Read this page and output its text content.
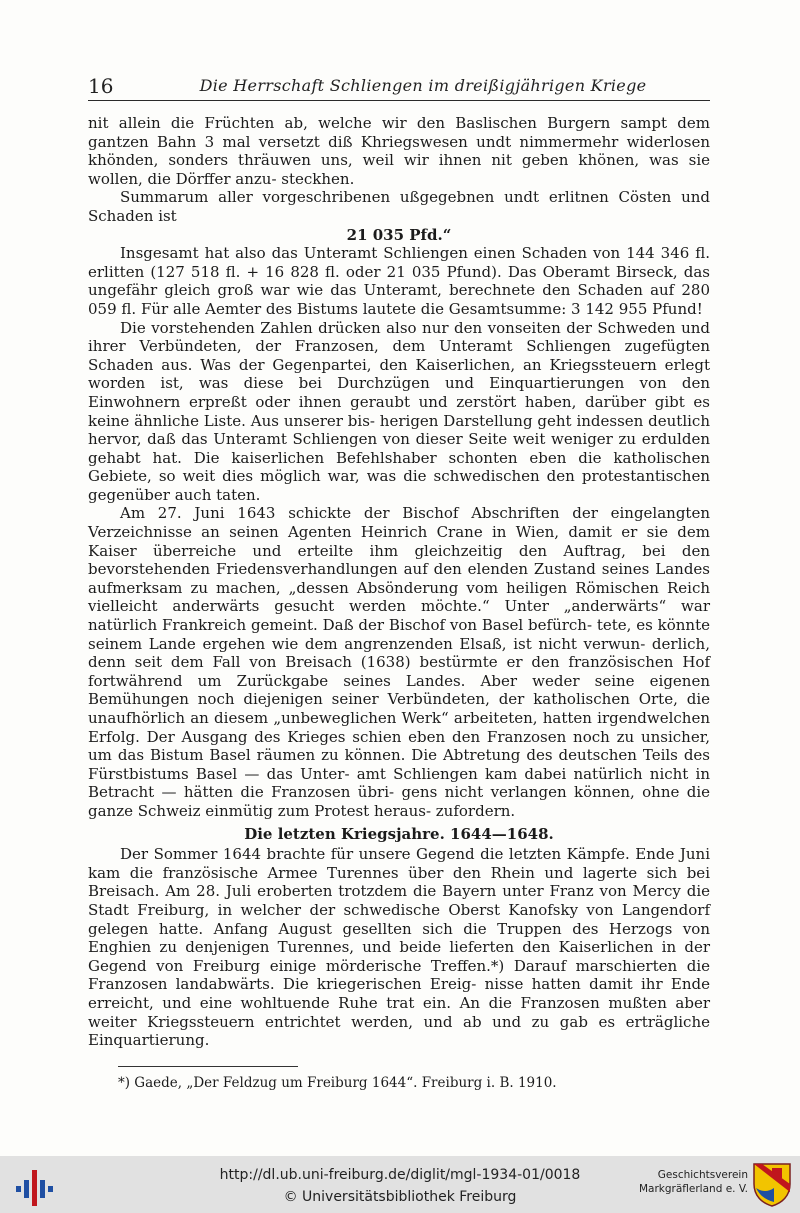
16	Die Herrschaft Schliengen im dreißigjährigen Kriege

nit allein die Früchten ab, welche wir den Baslischen Burgern sampt dem gantzen Bahn 3 mal versetzt diß Khriegswesen undt nimmermehr widerlosen khönden, sonders thräuwen uns, weil wir ihnen nit geben khönen, was sie wollen, die Dörffer anzu- steckhen.

Summarum aller vorgeschribenen ußgegebnen undt erlitnen Cösten und Schaden ist

21 035 Pfd.“

Insgesamt hat also das Unteramt Schliengen einen Schaden von 144 346 fl. erlitten (127 518 fl. + 16 828 fl. oder 21 035 Pfund). Das Oberamt Birseck, das ungefähr gleich groß war wie das Unteramt, berechnete den Schaden auf 280 059 fl. Für alle Aemter des Bistums lautete die Gesamtsumme: 3 142 955 Pfund!

Die vorstehenden Zahlen drücken also nur den vonseiten der Schweden und ihrer Verbündeten, der Franzosen, dem Unteramt Schliengen zugefügten Schaden aus. Was der Gegenpartei, den Kaiserlichen, an Kriegssteuern erlegt worden ist, was diese bei Durchzügen und Einquartierungen von den Einwohnern erpreßt oder ihnen geraubt und zerstört haben, darüber gibt es keine ähnliche Liste. Aus unserer bis- herigen Darstellung geht indessen deutlich hervor, daß das Unteramt Schliengen von dieser Seite weit weniger zu erdulden gehabt hat. Die kaiserlichen Befehlshaber schonten eben die katholischen Gebiete, so weit dies möglich war, was die schwedischen den protestantischen gegenüber auch taten.

Am 27. Juni 1643 schickte der Bischof Abschriften der eingelangten Verzeichnisse an seinen Agenten Heinrich Crane in Wien, damit er sie dem Kaiser überreiche und erteilte ihm gleichzeitig den Auftrag, bei den bevorstehenden Friedensverhandlungen auf den elenden Zustand seines Landes aufmerksam zu machen, „dessen Absönderung vom heiligen Römischen Reich vielleicht anderwärts gesucht werden möchte.“ Unter „anderwärts“ war natürlich Frankreich gemeint. Daß der Bischof von Basel befürch- tete, es könnte seinem Lande ergehen wie dem angrenzenden Elsaß, ist nicht verwun- derlich, denn seit dem Fall von Breisach (1638) bestürmte er den französischen Hof fortwährend um Zurückgabe seines Landes. Aber weder seine eigenen Bemühungen noch diejenigen seiner Verbündeten, der katholischen Orte, die unaufhörlich an diesem „unbeweglichen Werk“ arbeiteten, hatten irgendwelchen Erfolg. Der Ausgang des Krieges schien eben den Franzosen noch zu unsicher, um das Bistum Basel räumen zu können. Die Abtretung des deutschen Teils des Fürstbistums Basel — das Unter- amt Schliengen kam dabei natürlich nicht in Betracht — hätten die Franzosen übri- gens nicht verlangen können, ohne die ganze Schweiz einmütig zum Protest heraus- zufordern.

Die letzten Kriegsjahre. 1644—1648.

Der Sommer 1644 brachte für unsere Gegend die letzten Kämpfe. Ende Juni kam die französische Armee Turennes über den Rhein und lagerte sich bei Breisach. Am 28. Juli eroberten trotzdem die Bayern unter Franz von Mercy die Stadt Freiburg, in welcher der schwedische Oberst Kanofsky von Langendorf gelegen hatte. Anfang August gesellten sich die Truppen des Herzogs von Enghien zu denjenigen Turennes, und beide lieferten den Kaiserlichen in der Gegend von Freiburg einige mörderische Treffen.*) Darauf marschierten die Franzosen landabwärts. Die kriegerischen Ereig- nisse hatten damit ihr Ende erreicht, und eine wohltuende Ruhe trat ein. An die Franzosen mußten aber weiter Kriegssteuern entrichtet werden, und ab und zu gab es erträgliche Einquartierung.

*) Gaede, „Der Feldzug um Freiburg 1644“. Freiburg i. B. 1910.
http://dl.ub.uni-freiburg.de/diglit/mgl-1934-01/0018
© Universitätsbibliothek Freiburg
Geschichtsverein
Markgräflerland e. V.
